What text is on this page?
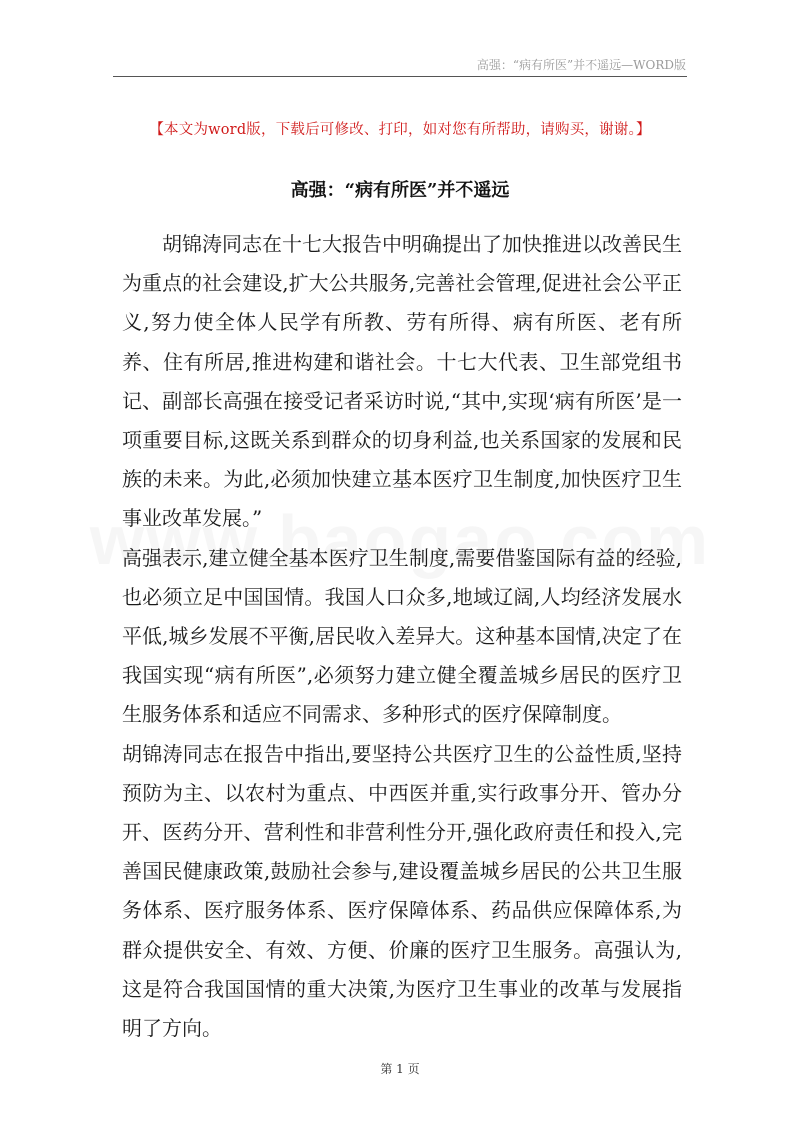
高强：“病有所医”并不遥远—WORD版
【本文为word版，下载后可修改、打印，如对您有所帮助，请购买，谢谢。】
高强：“病有所医”并不遥远

胡锦涛同志在十七大报告中明确提出了加快推进以改善民生为重点的社会建设,扩大公共服务,完善社会管理,促进社会公平正义,努力使全体人民学有所教、劳有所得、病有所医、老有所养、住有所居,推进构建和谐社会。十七大代表、卫生部党组书记、副部长高强在接受记者采访时说,“其中,实现‘病有所医’是一项重要目标,这既关系到群众的切身利益,也关系国家的发展和民族的未来。为此,必须加快建立基本医疗卫生制度,加快医疗卫生事业改革发展。”

高强表示,建立健全基本医疗卫生制度,需要借鉴国际有益的经验,也必须立足中国国情。我国人口众多,地域辽阔,人均经济发展水平低,城乡发展不平衡,居民收入差异大。这种基本国情,决定了在我国实现“病有所医”,必须努力建立健全覆盖城乡居民的医疗卫生服务体系和适应不同需求、多种形式的医疗保障制度。

胡锦涛同志在报告中指出,要坚持公共医疗卫生的公益性质,坚持预防为主、以农村为重点、中西医并重,实行政事分开、管办分开、医药分开、营利性和非营利性分开,强化政府责任和投入,完善国民健康政策,鼓励社会参与,建设覆盖城乡居民的公共卫生服务体系、医疗服务体系、医疗保障体系、药品供应保障体系,为群众提供安全、有效、方便、价廉的医疗卫生服务。高强认为,这是符合我国国情的重大决策,为医疗卫生事业的改革与发展指明了方向。

第 1 页
